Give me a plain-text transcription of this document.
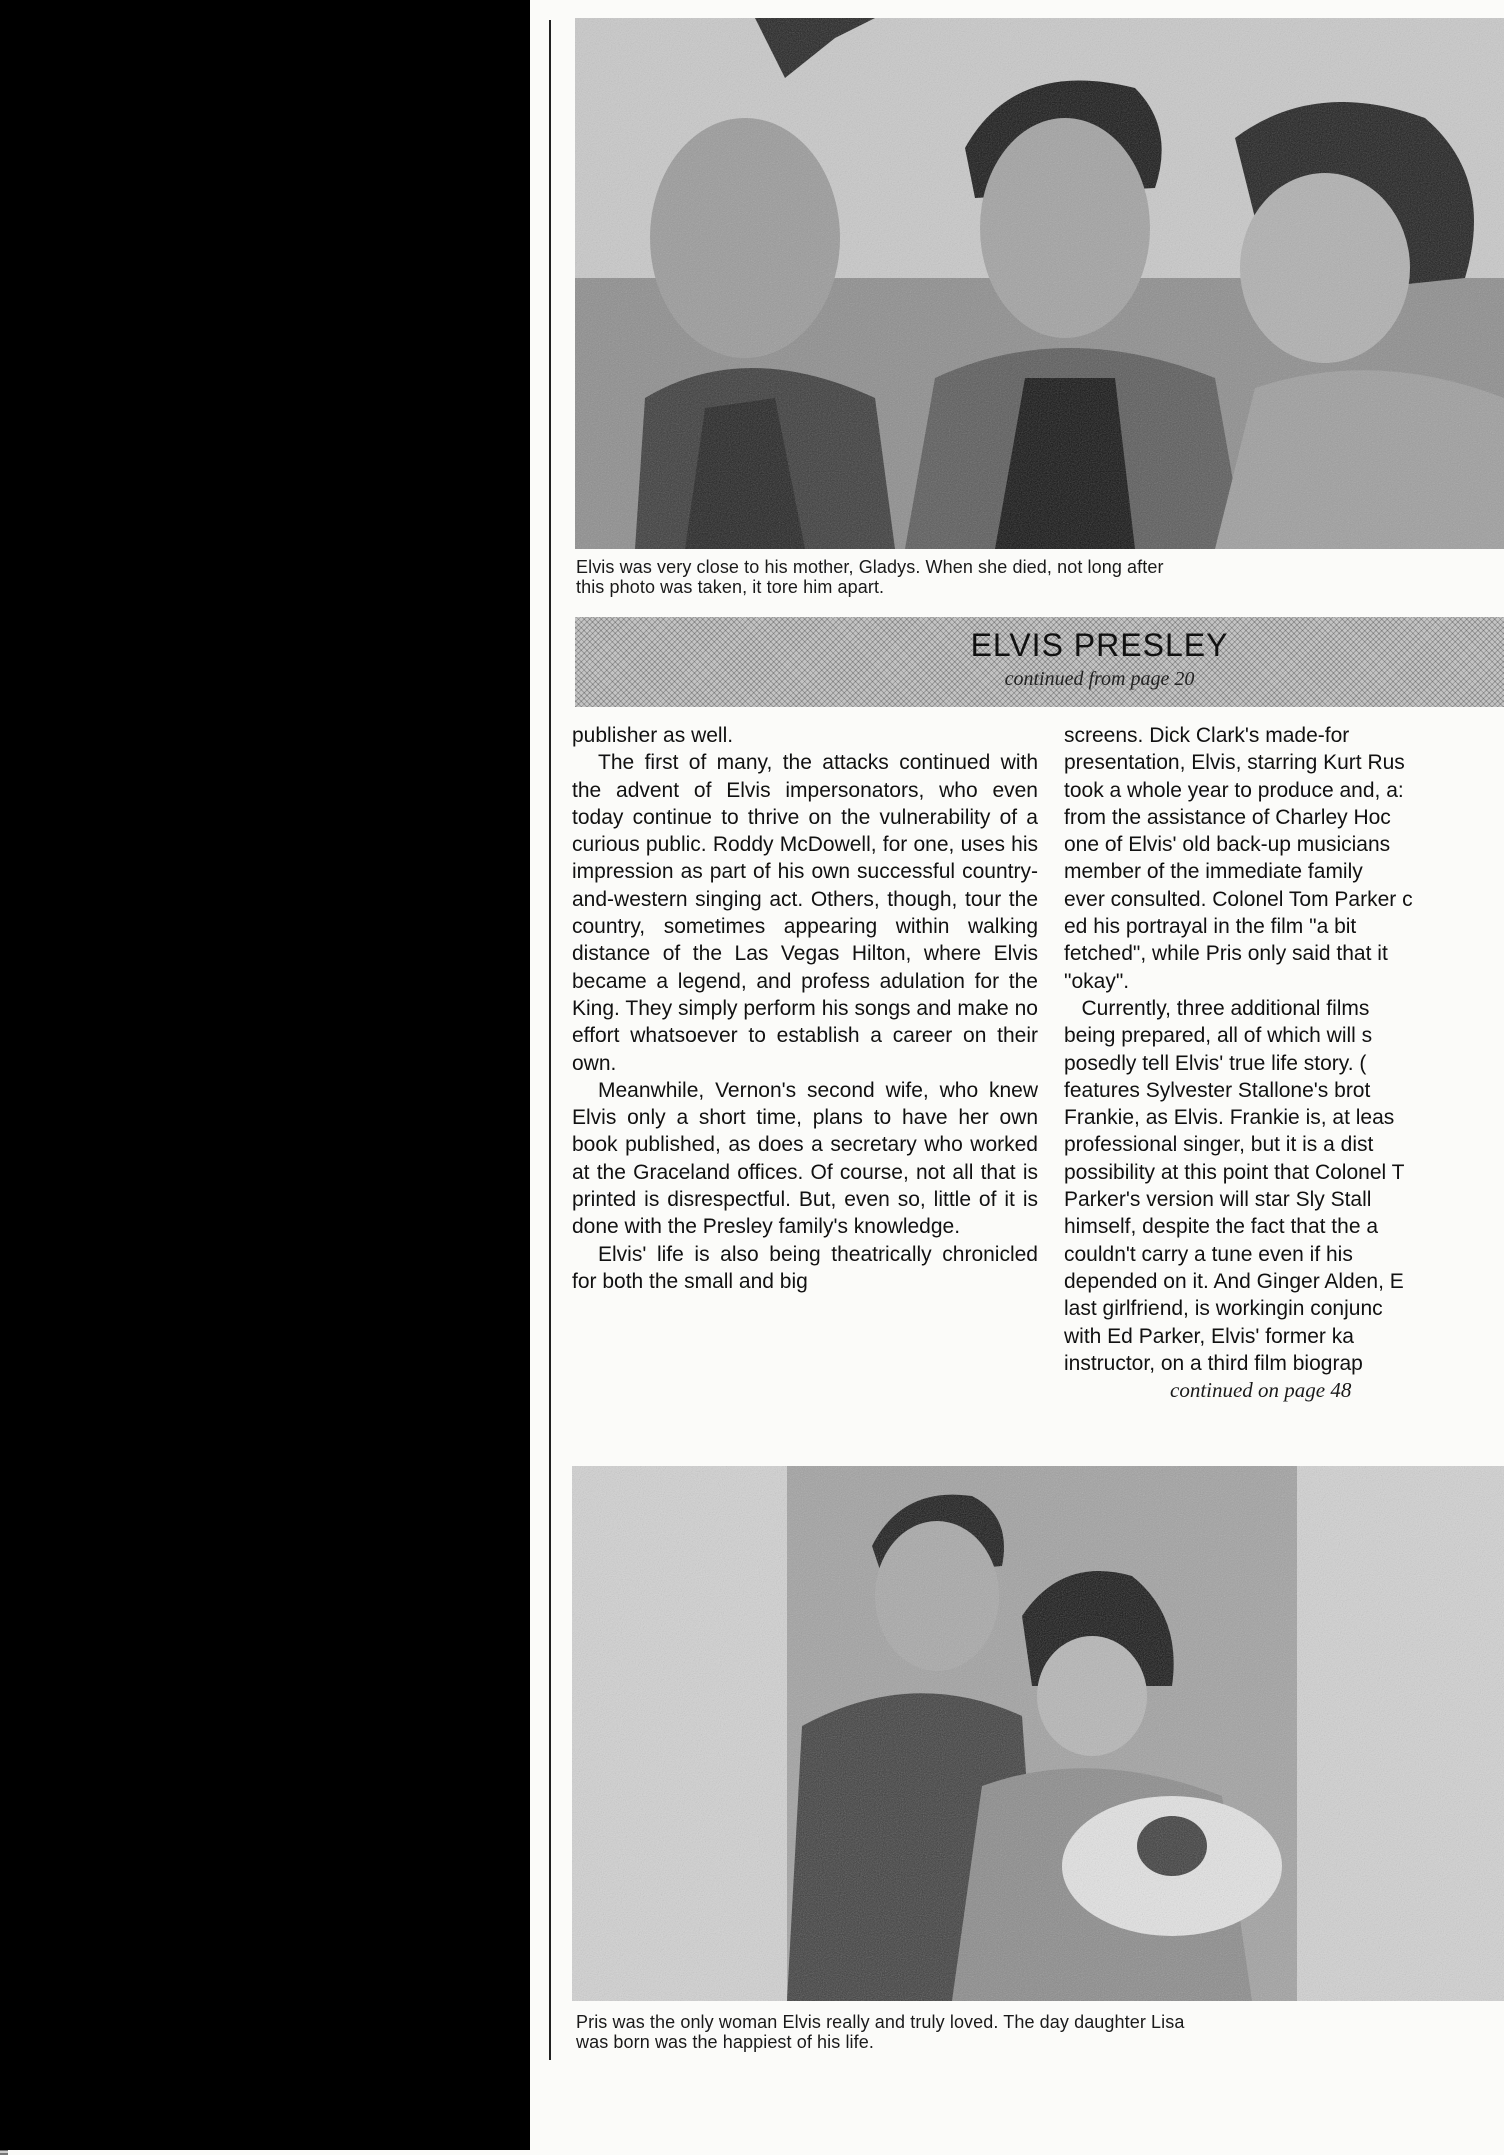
Elvis was very close to his mother, Gladys. When she died, not long after
this photo was taken, it tore him apart.
ELVIS PRESLEY
continued from page 20

publisher as well.

The first of many, the attacks continued with the advent of Elvis impersonators, who even today continue to thrive on the vulnerability of a curious public. Roddy McDowell, for one, uses his impression as part of his own successful country-and-western singing act. Others, though, tour the country, sometimes appearing within walking distance of the Las Vegas Hilton, where Elvis became a legend, and profess adulation for the King. They simply perform his songs and make no effort whatsoever to establish a career on their own.

Meanwhile, Vernon's second wife, who knew Elvis only a short time, plans to have her own book published, as does a secretary who worked at the Graceland offices. Of course, not all that is printed is disrespectful. But, even so, little of it is done with the Presley family's knowledge.

Elvis' life is also being theatrically chronicled for both the small and big

screens. Dick Clark's made-for
presentation, Elvis, starring Kurt Rus
took a whole year to produce and, a:
from the assistance of Charley Hoc
one of Elvis' old back-up musicians
member of the immediate family
ever consulted. Colonel Tom Parker c
ed his portrayal in the film "a bit
fetched", while Pris only said that it
"okay".
Currently, three additional films
being prepared, all of which will s
posedly tell Elvis' true life story. (
features Sylvester Stallone's brot
Frankie, as Elvis. Frankie is, at leas
professional singer, but it is a dist
possibility at this point that Colonel T
Parker's version will star Sly Stall
himself, despite the fact that the a
couldn't carry a tune even if his
depended on it. And Ginger Alden, E
last girlfriend, is workingin conjunc
with Ed Parker, Elvis' former ka
instructor, on a third film biograp
continued on page 48
Pris was the only woman Elvis really and truly loved. The day daughter Lisa
was born was the happiest of his life.
